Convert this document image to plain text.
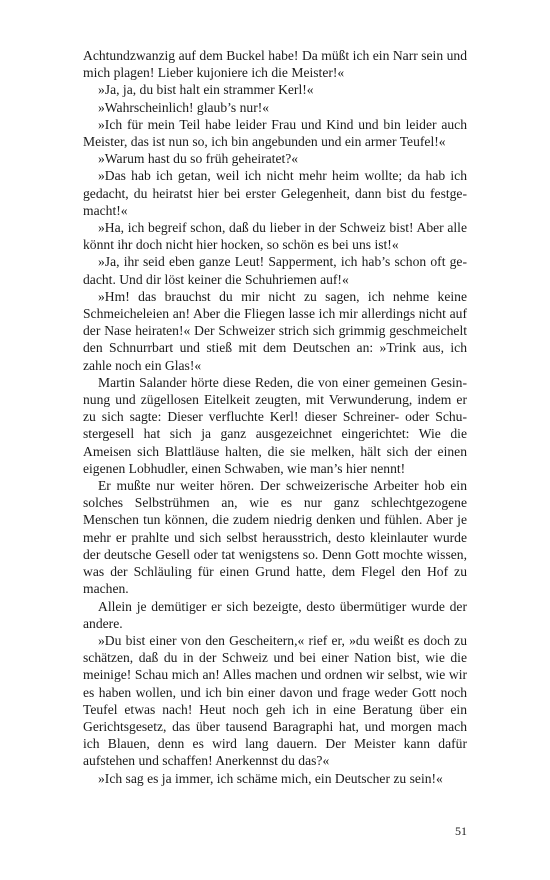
Achtundzwanzig auf dem Buckel habe! Da müßt ich ein Narr sein und mich plagen! Lieber kujoniere ich die Meister!«

»Ja, ja, du bist halt ein strammer Kerl!«

»Wahrscheinlich! glaub’s nur!«

»Ich für mein Teil habe leider Frau und Kind und bin leider auch Meister, das ist nun so, ich bin angebunden und ein armer Teufel!«

»Warum hast du so früh geheiratet?«

»Das hab ich getan, weil ich nicht mehr heim wollte; da hab ich gedacht, du heiratst hier bei erster Gelegenheit, dann bist du festgemacht!«

»Ha, ich begreif schon, daß du lieber in der Schweiz bist! Aber alle könnt ihr doch nicht hier hocken, so schön es bei uns ist!«

»Ja, ihr seid eben ganze Leut! Sapperment, ich hab’s schon oft gedacht. Und dir löst keiner die Schuhriemen auf!«

»Hm! das brauchst du mir nicht zu sagen, ich nehme keine Schmeicheleien an! Aber die Fliegen lasse ich mir allerdings nicht auf der Nase heiraten!« Der Schweizer strich sich grimmig geschmeichelt den Schnurrbart und stieß mit dem Deutschen an: »Trink aus, ich zahle noch ein Glas!«

Martin Salander hörte diese Reden, die von einer gemeinen Gesinnung und zügellosen Eitelkeit zeugten, mit Verwunderung, indem er zu sich sagte: Dieser verfluchte Kerl! dieser Schreiner- oder Schustergesell hat sich ja ganz ausgezeichnet eingerichtet: Wie die Ameisen sich Blattläuse halten, die sie melken, hält sich der einen eigenen Lobhudler, einen Schwaben, wie man’s hier nennt!

Er mußte nur weiter hören. Der schweizerische Arbeiter hob ein solches Selbstrühmen an, wie es nur ganz schlechtgezogene Menschen tun können, die zudem niedrig denken und fühlen. Aber je mehr er prahlte und sich selbst herausstrich, desto kleinlauter wurde der deutsche Gesell oder tat wenigstens so. Denn Gott mochte wissen, was der Schläuling für einen Grund hatte, dem Flegel den Hof zu machen.

Allein je demütiger er sich bezeigte, desto übermütiger wurde der andere.

»Du bist einer von den Gescheitern,« rief er, »du weißt es doch zu schätzen, daß du in der Schweiz und bei einer Nation bist, wie die meinige! Schau mich an! Alles machen und ordnen wir selbst, wie wir es haben wollen, und ich bin einer davon und frage weder Gott noch Teufel etwas nach! Heut noch geh ich in eine Beratung über ein Gerichtsgesetz, das über tausend Baragraphi hat, und morgen mach ich Blauen, denn es wird lang dauern. Der Meister kann dafür aufstehen und schaffen! Anerkennst du das?«

»Ich sag es ja immer, ich schäme mich, ein Deutscher zu sein!«

51
